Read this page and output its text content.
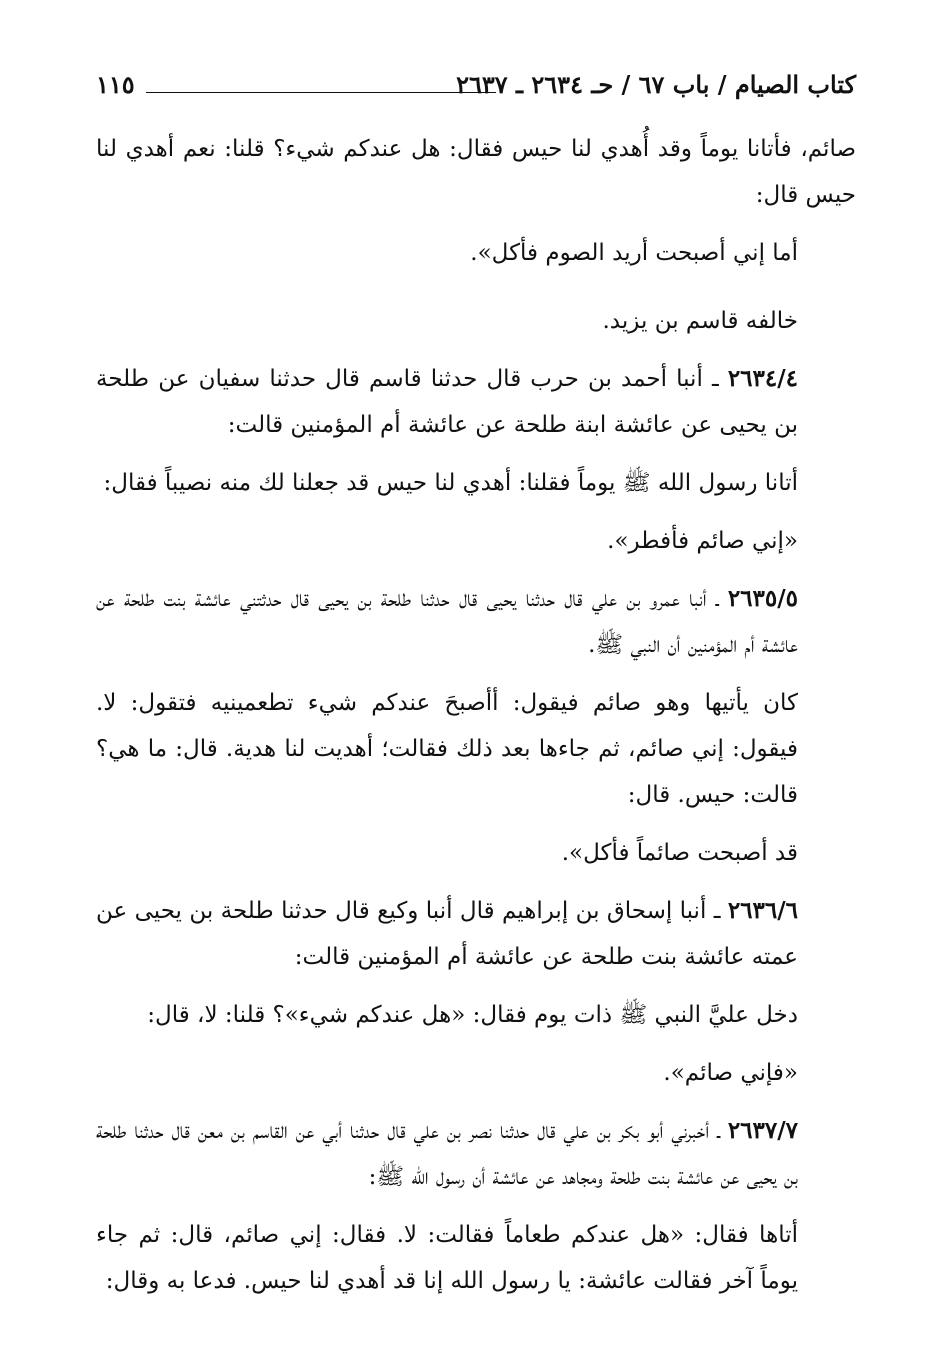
كتاب الصيام / باب ٦٧ / حـ ٢٦٣٤ ـ ٢٦٣٧
١١٥

صائم، فأتانا يوماً وقد أُهدي لنا حيس فقال: هل عندكم شيء؟ قلنا: نعم أهدي لنا حيس قال:

أما إني أصبحت أريد الصوم فأكل».

خالفه قاسم بن يزيد.

٢٦٣٤/٤ ـ أنبا أحمد بن حرب قال حدثنا قاسم قال حدثنا سفيان عن طلحة بن يحيى عن عائشة ابنة طلحة عن عائشة أم المؤمنين قالت:

أتانا رسول الله ﷺ يوماً فقلنا: أهدي لنا حيس قد جعلنا لك منه نصيباً فقال:

«إني صائم فأفطر».

٢٦٣٥/٥ ـ أنبا عمرو بن علي قال حدثنا يحيى قال حدثنا طلحة بن يحيى قال حدثتني عائشة بنت طلحة عن عائشة أم المؤمنين أن النبي ﷺ.

كان يأتيها وهو صائم فيقول: أأصبحَ عندكم شيء تطعمينيه فتقول: لا. فيقول: إني صائم، ثم جاءها بعد ذلك فقالت؛ أهديت لنا هدية. قال: ما هي؟ قالت: حيس. قال:

قد أصبحت صائماً فأكل».

٢٦٣٦/٦ ـ أنبا إسحاق بن إبراهيم قال أنبا وكيع قال حدثنا طلحة بن يحيى عن عمته عائشة بنت طلحة عن عائشة أم المؤمنين قالت:

دخل عليَّ النبي ﷺ ذات يوم فقال: «هل عندكم شيء»؟ قلنا: لا، قال:

«فإني صائم».

٢٦٣٧/٧ ـ أخبرني أبو بكر بن علي قال حدثنا نصر بن علي قال حدثنا أبي عن القاسم بن معن قال حدثنا طلحة بن يحيى عن عائشة بنت طلحة ومجاهد عن عائشة أن رسول الله ﷺ:

أتاها فقال: «هل عندكم طعاماً فقالت: لا. فقال: إني صائم، قال: ثم جاء يوماً آخر فقالت عائشة: يا رسول الله إنا قد أهدي لنا حيس. فدعا به وقال:
